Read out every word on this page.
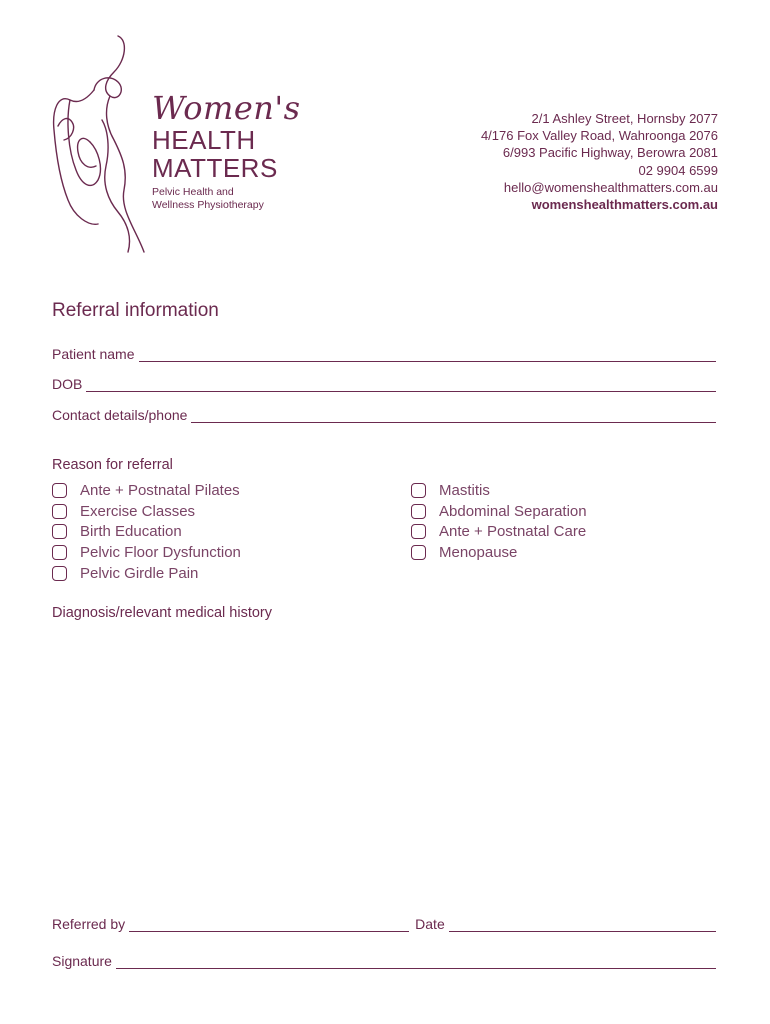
Women's
HEALTH
MATTERS
Pelvic Health and
Wellness Physiotherapy
2/1 Ashley Street, Hornsby 2077
4/176 Fox Valley Road, Wahroonga 2076
6/993 Pacific Highway, Berowra 2081
02 9904 6599
hello@womenshealthmatters.com.au
womenshealthmatters.com.au
Referral information
Patient name
DOB
Contact details/phone
Reason for referral
Ante + Postnatal Pilates
Exercise Classes
Birth Education
Pelvic Floor Dysfunction
Pelvic Girdle Pain
Mastitis
Abdominal Separation
Ante + Postnatal Care
Menopause
Diagnosis/relevant medical history
Referred by	Date
Signature
